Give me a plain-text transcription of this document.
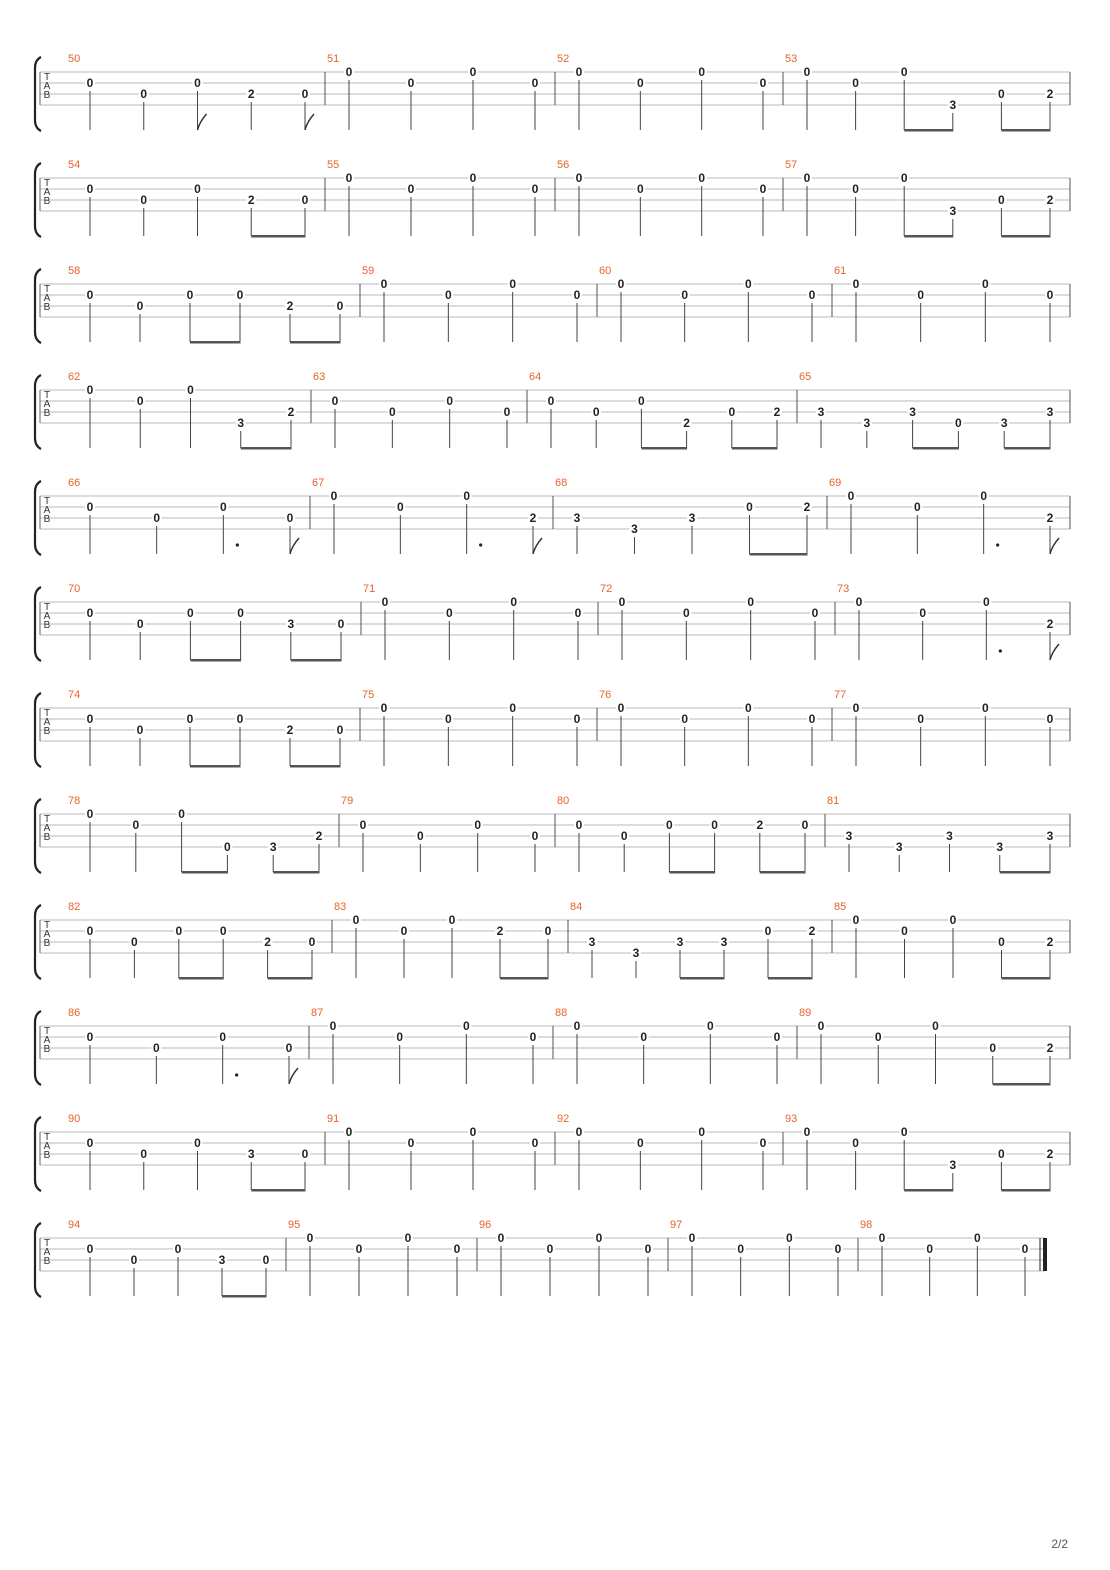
T
A
B
50
0
0
0
2	0
51
0
0
0
0
52
0
0
0
0
53
0
0
0
3
0	2
T
A
B
54
0
0
0
2	0
55
0
0
0
0
56
0
0
0
0
57
0
0
0
3
0	2
T
A
B
58
0
0
0	0
2	0
59
0
0
0
0
60
0
0
0
0
61
0
0
0
0
T
A
B
62
0
0
0
3
2
63
0
0
0
0
64
0
0
0
2
0	2
65
3
3
3
0	3
3
T
A
B
66
0
0
0
0
67
0
0
0
2
68
3
3
3
0	2
69
0
0
0
2
T
A
B
70
0
0
0	0
3	0
71
0
0
0
0
72
0
0
0
0
73
0
0
0
2
T
A
B
74
0
0
0	0
2	0
75
0
0
0
0
76
0
0
0
0
77
0
0
0
0
T
A
B
78
0
0
0
0	3
2
79
0
0
0
0
80
0
0
0	0	2	0
81
3
3
3
3
3
T
A
B
82
0
0
0	0
2	0
83
0
0
0
2	0
84
3
3
3	3
0	2
85
0
0
0
0	2
T
A
B
86
0
0
0
0
87
0
0
0
0
88
0
0
0
0
89
0
0
0
0	2
T
A
B
90
0
0
0
3	0
91
0
0
0
0
92
0
0
0
0
93
0
0
0
3
0	2
T
A
B
94
0
0
0
3	0
95
0
0
0
0
96
0
0
0
0
97
0
0
0
0
98
0
0
0
0
2/2
